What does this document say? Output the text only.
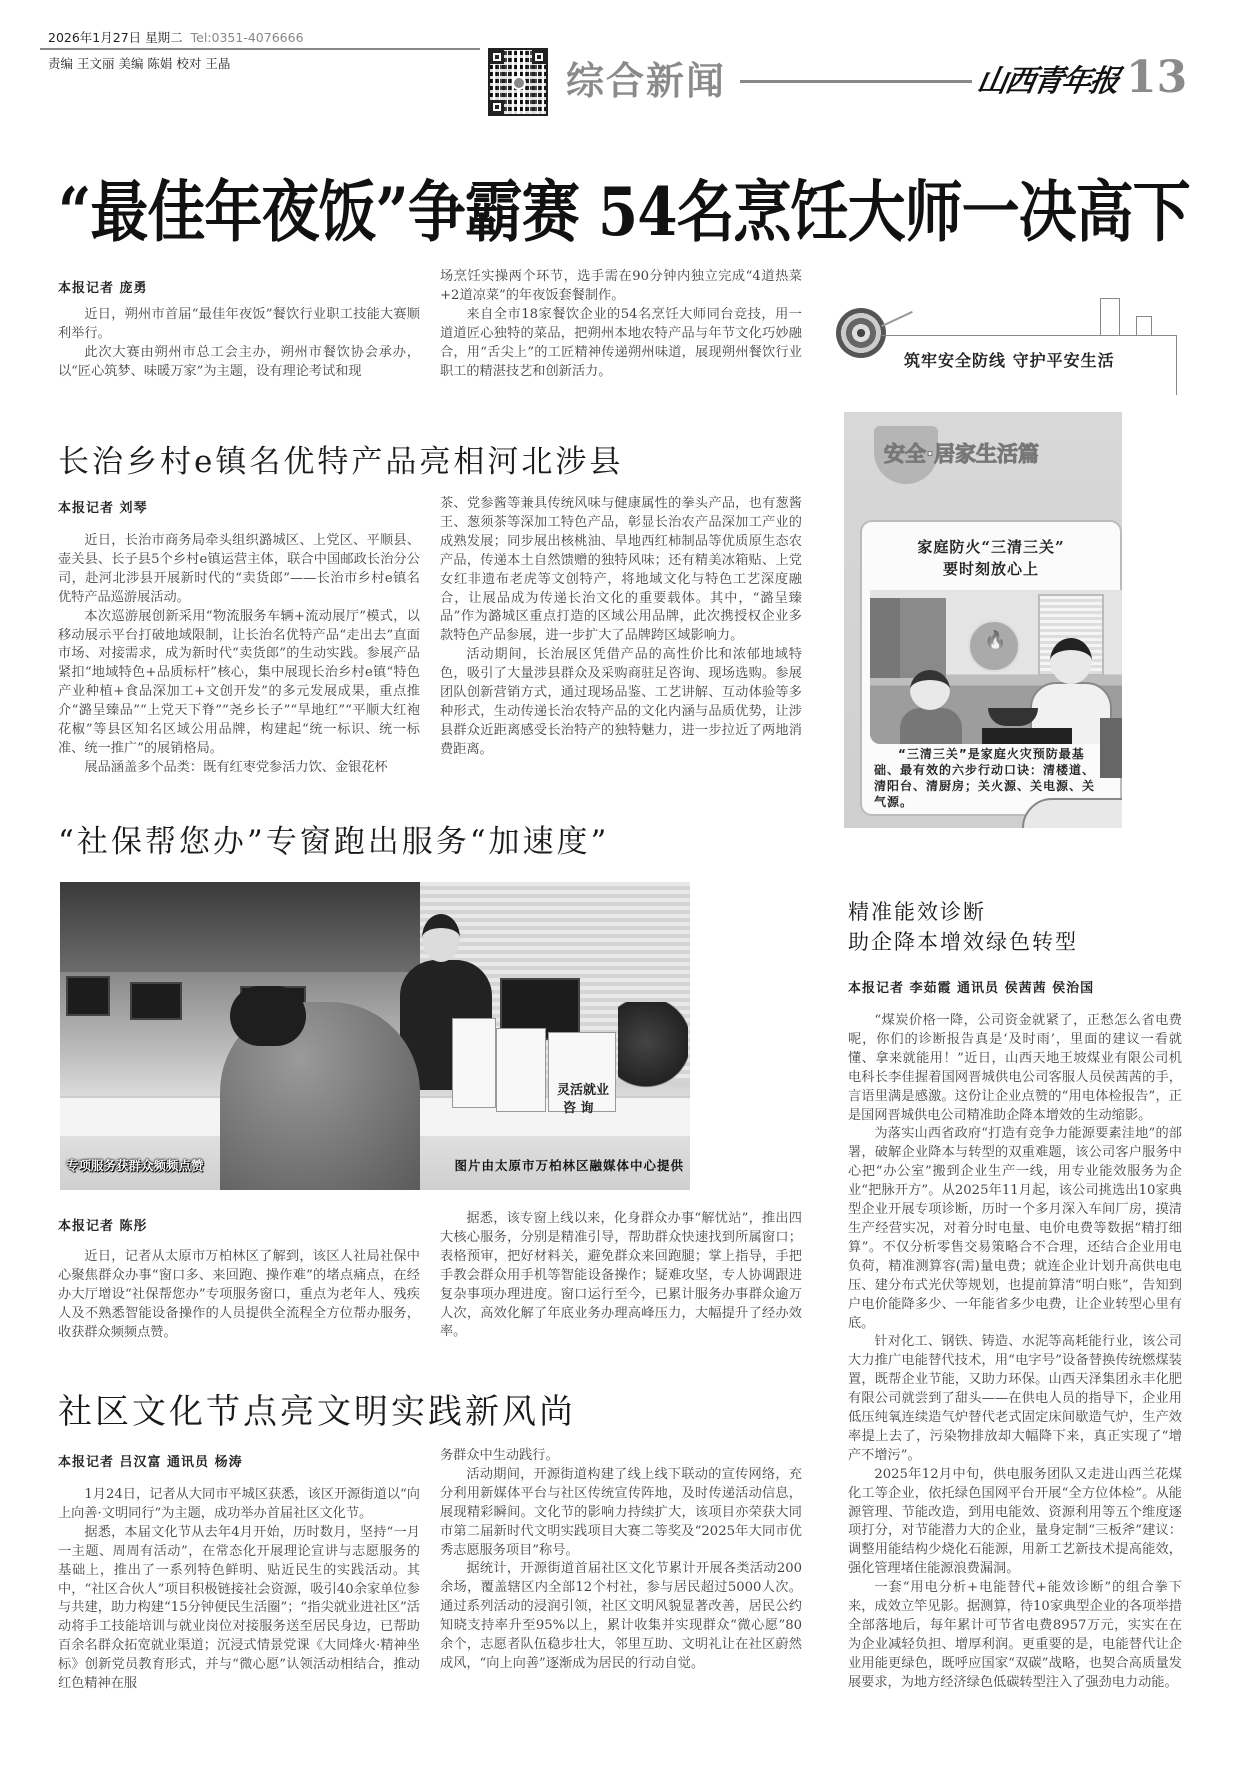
2026年1月27日 星期二 Tel:0351-4076666
责编 王文丽 美编 陈娟 校对 王晶	综合新闻	山西青年报 13
“最佳年夜饭”争霸赛 54名烹饪大师一决高下
本报记者 庞勇

近日，朔州市首届“最佳年夜饭”餐饮行业职工技能大赛顺利举行。

此次大赛由朔州市总工会主办，朔州市餐饮协会承办，以“匠心筑梦、味暖万家”为主题，设有理论考试和现

场烹饪实操两个环节，选手需在90分钟内独立完成“4道热菜+2道凉菜”的年夜饭套餐制作。

来自全市18家餐饮企业的54名烹饪大师同台竞技，用一道道匠心独特的菜品，把朔州本地农特产品与年节文化巧妙融合，用“舌尖上”的工匠精神传递朔州味道，展现朔州餐饮行业职工的精湛技艺和创新活力。

筑牢安全防线 守护平安生活
安全·居家生活篇
家庭防火“三清三关”
要时刻放心上
🔥

“三清三关”是家庭火灾预防最基础、最有效的六步行动口诀：清楼道、清阳台、清厨房；关火源、关电源、关气源。

长治乡村e镇名优特产品亮相河北涉县
本报记者 刘琴

近日，长治市商务局牵头组织潞城区、上党区、平顺县、壶关县、长子县5个乡村e镇运营主体，联合中国邮政长治分公司，赴河北涉县开展新时代的“卖货郎”——长治市乡村e镇名优特产品巡游展活动。

本次巡游展创新采用“物流服务车辆+流动展厅”模式，以移动展示平台打破地域限制，让长治名优特产品“走出去”直面市场、对接需求，成为新时代“卖货郎”的生动实践。参展产品紧扣“地域特色+品质标杆”核心，集中展现长治乡村e镇“特色产业种植+食品深加工+文创开发”的多元发展成果，重点推介“潞呈臻品”“上党天下脊”“尧乡长子”“旱地红”“平顺大红袍花椒”等县区知名区域公用品牌，构建起“统一标识、统一标准、统一推广”的展销格局。

展品涵盖多个品类：既有红枣党参活力饮、金银花杯

茶、党参酱等兼具传统风味与健康属性的拳头产品，也有葱酱王、葱须茶等深加工特色产品，彰显长治农产品深加工产业的成熟发展；同步展出核桃油、旱地西红柿制品等优质原生态农产品，传递本土自然馈赠的独特风味；还有精美冰箱贴、上党女红非遗布老虎等文创特产，将地域文化与特色工艺深度融合，让展品成为传递长治文化的重要载体。其中，“潞呈臻品”作为潞城区重点打造的区域公用品牌，此次携授权企业多款特色产品参展，进一步扩大了品牌跨区域影响力。

活动期间，长治展区凭借产品的高性价比和浓郁地域特色，吸引了大量涉县群众及采购商驻足咨询、现场选购。参展团队创新营销方式，通过现场品鉴、工艺讲解、互动体验等多种形式，生动传递长治农特产品的文化内涵与品质优势，让涉县群众近距离感受长治特产的独特魅力，进一步拉近了两地消费距离。

“社保帮您办”专窗跑出服务“加速度”
灵活就业
咨 询
专项服务获群众频频点赞	图片由太原市万柏林区融媒体中心提供
本报记者 陈彤

近日，记者从太原市万柏林区了解到，该区人社局社保中心聚焦群众办事“窗口多、来回跑、操作难”的堵点痛点，在经办大厅增设“社保帮您办”专项服务窗口，重点为老年人、残疾人及不熟悉智能设备操作的人员提供全流程全方位帮办服务，收获群众频频点赞。

据悉，该专窗上线以来，化身群众办事“解忧站”，推出四大核心服务，分别是精准引导，帮助群众快速找到所属窗口；表格预审，把好材料关，避免群众来回跑腿；掌上指导，手把手教会群众用手机等智能设备操作；疑难攻坚，专人协调跟进复杂事项办理进度。窗口运行至今，已累计服务办事群众逾万人次，高效化解了年底业务办理高峰压力，大幅提升了经办效率。

社区文化节点亮文明实践新风尚
本报记者 吕汉富 通讯员 杨涛

1月24日，记者从大同市平城区获悉，该区开源街道以“向上向善·文明同行”为主题，成功举办首届社区文化节。

据悉，本届文化节从去年4月开始，历时数月，坚持“一月一主题、周周有活动”，在常态化开展理论宣讲与志愿服务的基础上，推出了一系列特色鲜明、贴近民生的实践活动。其中，“社区合伙人”项目积极链接社会资源，吸引40余家单位参与共建，助力构建“15分钟便民生活圈”；“指尖就业进社区”活动将手工技能培训与就业岗位对接服务送至居民身边，已帮助百余名群众拓宽就业渠道；沉浸式情景党课《大同烽火·精神坐标》创新党员教育形式，并与“微心愿”认领活动相结合，推动红色精神在服

务群众中生动践行。

活动期间，开源街道构建了线上线下联动的宣传网络，充分利用新媒体平台与社区传统宣传阵地，及时传递活动信息，展现精彩瞬间。文化节的影响力持续扩大，该项目亦荣获大同市第二届新时代文明实践项目大赛二等奖及“2025年大同市优秀志愿服务项目”称号。

据统计，开源街道首届社区文化节累计开展各类活动200余场，覆盖辖区内全部12个村社，参与居民超过5000人次。通过系列活动的浸润引领，社区文明风貌显著改善，居民公约知晓支持率升至95%以上，累计收集并实现群众“微心愿”80余个，志愿者队伍稳步壮大，邻里互助、文明礼让在社区蔚然成风，“向上向善”逐渐成为居民的行动自觉。

精准能效诊断
助企降本增效绿色转型
本报记者 李茹霞 通讯员 侯茜茜 侯治国

“煤炭价格一降，公司资金就紧了，正愁怎么省电费呢，你们的诊断报告真是‘及时雨’，里面的建议一看就懂、拿来就能用！”近日，山西天地王坡煤业有限公司机电科长李佳握着国网晋城供电公司客服人员侯茜茜的手，言语里满是感激。这份让企业点赞的“用电体检报告”，正是国网晋城供电公司精准助企降本增效的生动缩影。

为落实山西省政府“打造有竞争力能源要素洼地”的部署，破解企业降本与转型的双重难题，该公司客户服务中心把“办公室”搬到企业生产一线，用专业能效服务为企业“把脉开方”。从2025年11月起，该公司挑选出10家典型企业开展专项诊断，历时一个多月深入车间厂房，摸清生产经营实况，对着分时电量、电价电费等数据“精打细算”。不仅分析零售交易策略合不合理，还结合企业用电负荷，精准测算容(需)量电费；就连企业计划升高供电电压、建分布式光伏等规划，也提前算清“明白账”，告知到户电价能降多少、一年能省多少电费，让企业转型心里有底。

针对化工、钢铁、铸造、水泥等高耗能行业，该公司大力推广电能替代技术，用“电字号”设备替换传统燃煤装置，既帮企业节能，又助力环保。山西天泽集团永丰化肥有限公司就尝到了甜头——在供电人员的指导下，企业用低压纯氧连续造气炉替代老式固定床间歇造气炉，生产效率提上去了，污染物排放却大幅降下来，真正实现了“增产不增污”。

2025年12月中旬，供电服务团队又走进山西兰花煤化工等企业，依托绿色国网平台开展“全方位体检”。从能源管理、节能改造，到用电能效、资源利用等五个维度逐项打分，对节能潜力大的企业，量身定制“三板斧”建议：调整用能结构少烧化石能源，用新工艺新技术提高能效，强化管理堵住能源浪费漏洞。

一套“用电分析+电能替代+能效诊断”的组合拳下来，成效立竿见影。据测算，待10家典型企业的各项举措全部落地后，每年累计可节省电费8957万元，实实在在为企业减轻负担、增厚利润。更重要的是，电能替代让企业用能更绿色，既呼应国家“双碳”战略，也契合高质量发展要求，为地方经济绿色低碳转型注入了强劲电力动能。
